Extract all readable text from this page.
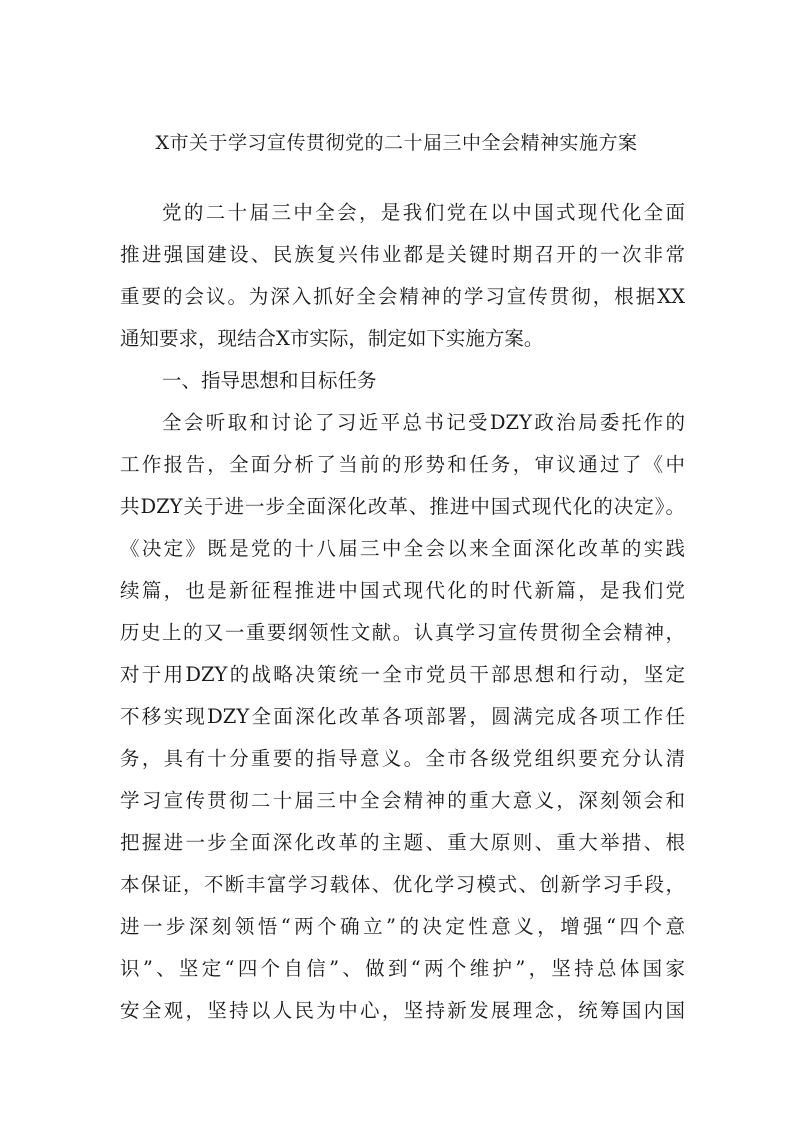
X市关于学习宣传贯彻党的二十届三中全会精神实施方案
党的二十届三中全会，是我们党在以中国式现代化全面
推进强国建设、民族复兴伟业都是关键时期召开的一次非常
重要的会议。为深入抓好全会精神的学习宣传贯彻，根据XX
通知要求，现结合X市实际，制定如下实施方案。
一、指导思想和目标任务
全会听取和讨论了习近平总书记受DZY政治局委托作的
工作报告，全面分析了当前的形势和任务，审议通过了《中
共DZY关于进一步全面深化改革、推进中国式现代化的决定》。
《决定》既是党的十八届三中全会以来全面深化改革的实践
续篇，也是新征程推进中国式现代化的时代新篇，是我们党
历史上的又一重要纲领性文献。认真学习宣传贯彻全会精神，
对于用DZY的战略决策统一全市党员干部思想和行动，坚定
不移实现DZY全面深化改革各项部署，圆满完成各项工作任
务，具有十分重要的指导意义。全市各级党组织要充分认清
学习宣传贯彻二十届三中全会精神的重大意义，深刻领会和
把握进一步全面深化改革的主题、重大原则、重大举措、根
本保证，不断丰富学习载体、优化学习模式、创新学习手段，
进一步深刻领悟“两个确立”的决定性意义，增强“四个意
识”、坚定“四个自信”、做到“两个维护”，坚持总体国家
安全观，坚持以人民为中心，坚持新发展理念，统筹国内国
